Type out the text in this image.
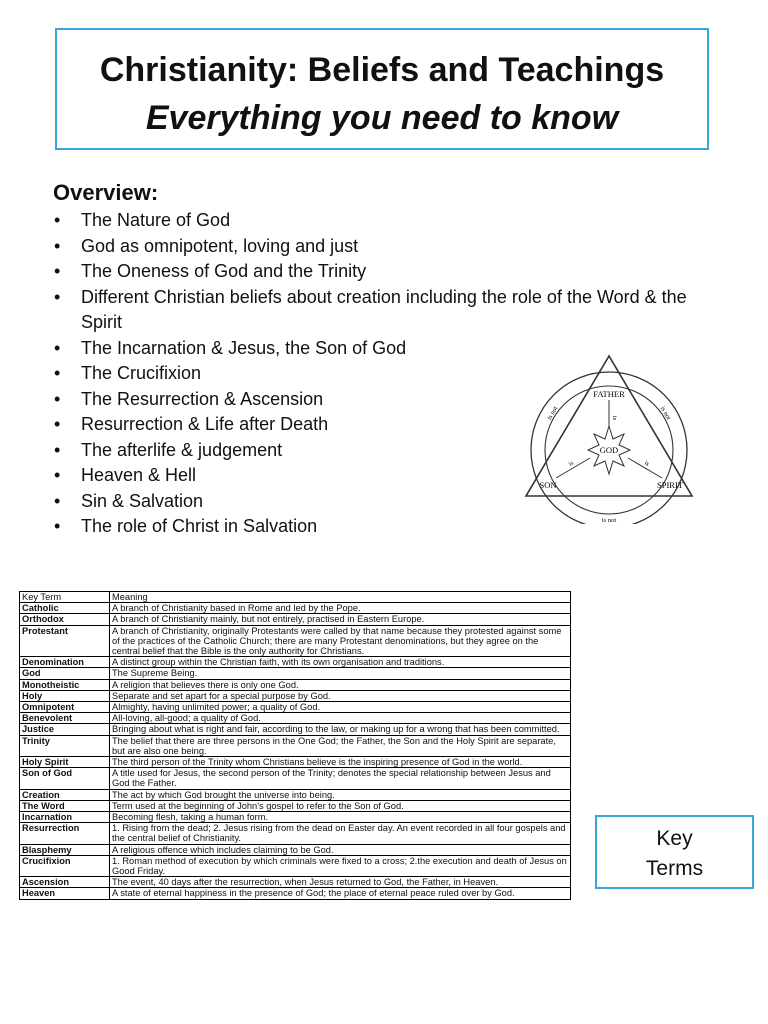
Christianity: Beliefs and Teachings
Everything you need to know
Overview:
• The Nature of God
• God as omnipotent, loving and just
• The Oneness of God and the Trinity
• Different Christian beliefs about creation including the role of the Word & the Spirit
• The Incarnation & Jesus, the Son of God
• The Crucifixion
• The Resurrection & Ascension
• Resurrection & Life after Death
• The afterlife & judgement
• Heaven & Hell
• Sin & Salvation
• The role of Christ in Salvation
FATHER
SON	SPIRIT
GOD
is
is	is
is not	is not
is not
Key Term	Meaning
Catholic	A branch of Christianity based in Rome and led by the Pope.
Orthodox	A branch of Christianity mainly, but not entirely, practised in Eastern Europe.
Protestant	A branch of Christianity, originally Protestants were called by that name because they protested against some of the practices of the Catholic Church; there are many Protestant denominations, but they agree on the central belief that the Bible is the only authority for Christians.
Denomination	A distinct group within the Christian faith, with its own organisation and traditions.
God	The Supreme Being.
Monotheistic	A religion that believes there is only one God.
Holy	Separate and set apart for a special purpose by God.
Omnipotent	Almighty, having unlimited power; a quality of God.
Benevolent	All-loving, all-good; a quality of God.
Justice	Bringing about what is right and fair, according to the law, or making up for a wrong that has been committed.
Trinity	The belief that there are three persons in the One God; the Father, the Son and the Holy Spirit are separate, but are also one being.
Holy Spirit	The third person of the Trinity whom Christians believe is the inspiring presence of God in the world.
Son of God	A title used for Jesus, the second person of the Trinity; denotes the special relationship between Jesus and God the Father.
Creation	The act by which God brought the universe into being.
The Word	Term used at the beginning of John's gospel to refer to the Son of God.
Incarnation	Becoming flesh, taking a human form.
Resurrection	1. Rising from the dead; 2. Jesus rising from the dead on Easter day. An event recorded in all four gospels and the central belief of Christianity.
Blasphemy	A religious offence which includes claiming to be God.
Crucifixion	1. Roman method of execution by which criminals were fixed to a cross; 2.the execution and death of Jesus on Good Friday.
Ascension	The event, 40 days after the resurrection, when Jesus returned to God, the Father, in Heaven.
Heaven	A state of eternal happiness in the presence of God; the place of eternal peace ruled over by God.
Key
Terms
